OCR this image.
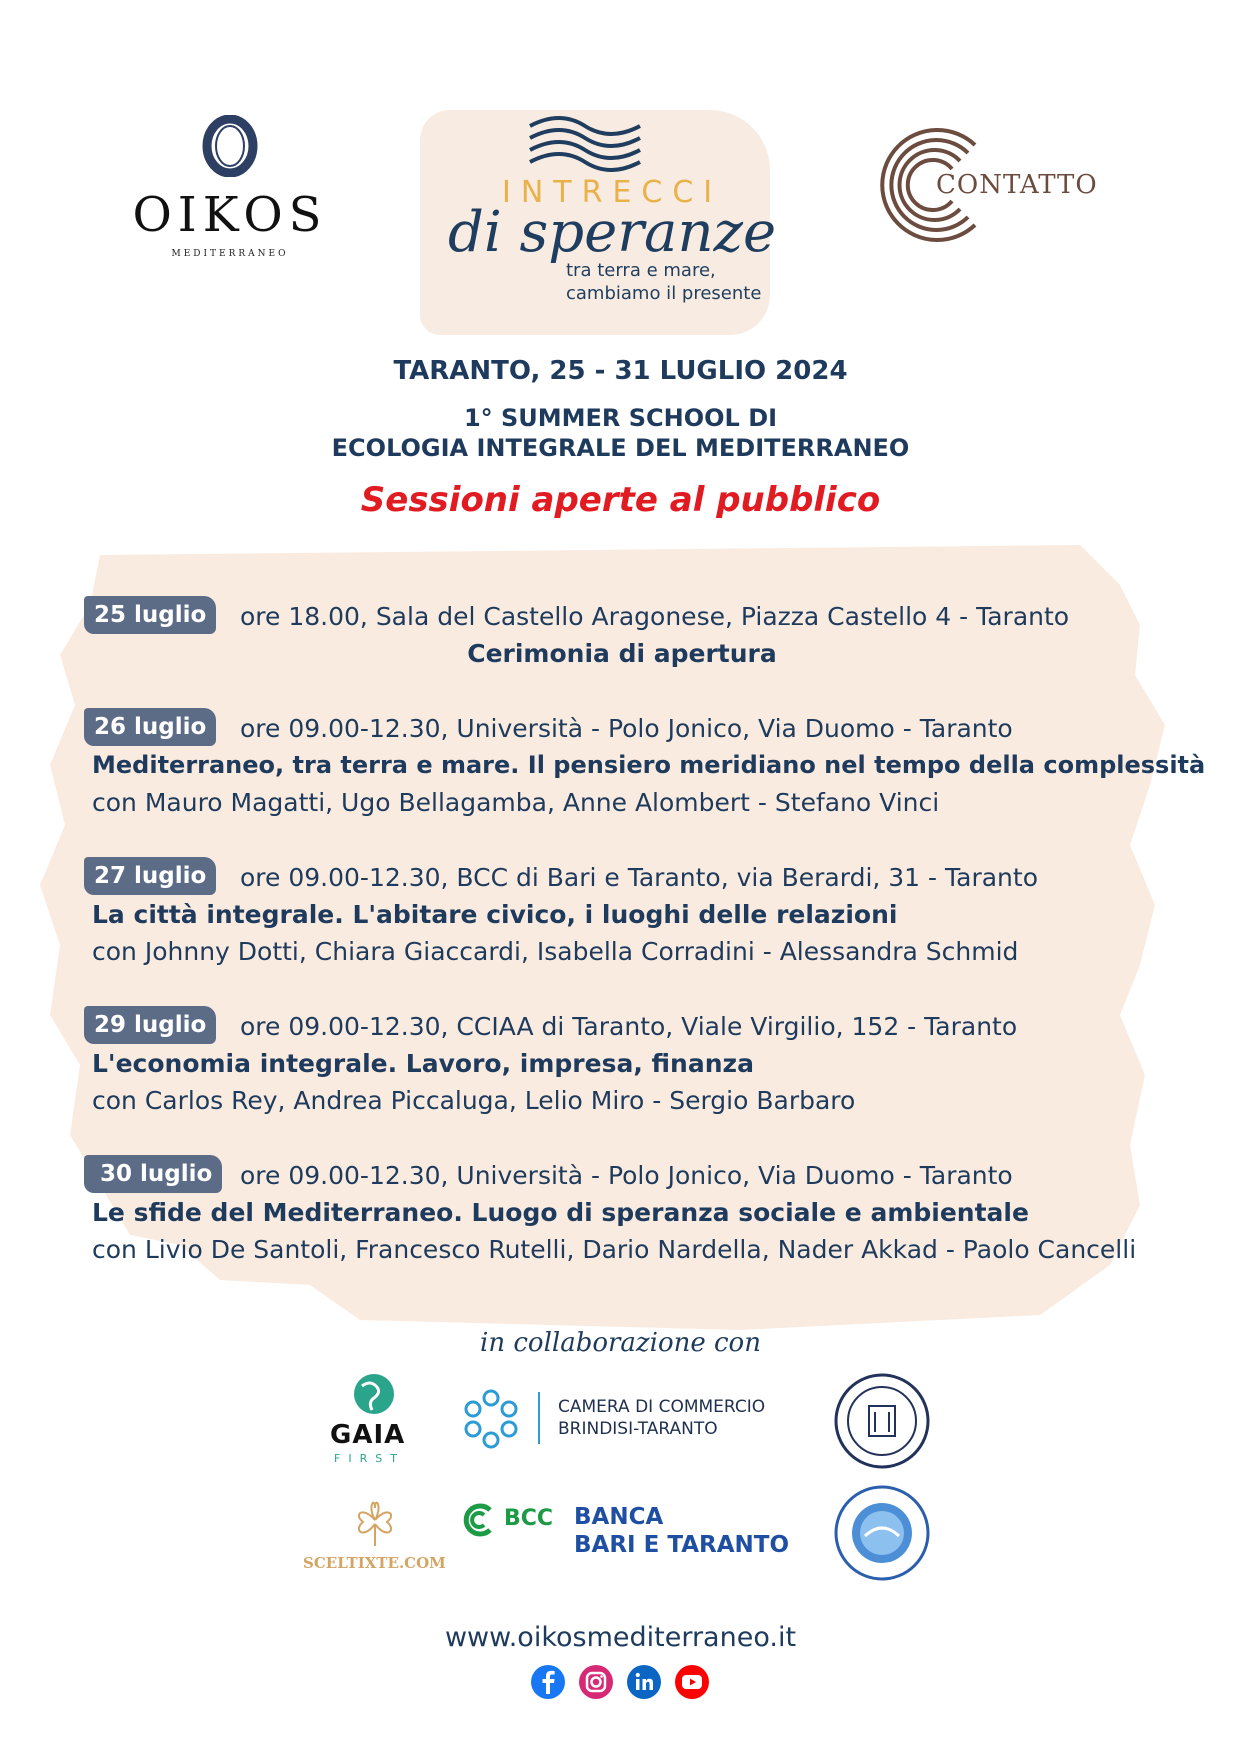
OIKOS
MEDITERRANEO
INTRECCI
di speranze
tra terra e mare,
cambiamo il presente
CONTATTO
TARANTO, 25 - 31 LUGLIO 2024
1° SUMMER SCHOOL DI
ECOLOGIA INTEGRALE DEL MEDITERRANEO
Sessioni aperte al pubblico
ore 18.00, Sala del Castello Aragonese, Piazza Castello 4 - Taranto
Cerimonia di apertura
25 luglio
ore 09.00-12.30, Università - Polo Jonico, Via Duomo - Taranto
Mediterraneo, tra terra e mare. Il pensiero meridiano nel tempo della complessità
con Mauro Magatti, Ugo Bellagamba, Anne Alombert - Stefano Vinci
26 luglio
ore 09.00-12.30, BCC di Bari e Taranto, via Berardi, 31 - Taranto
La città integrale. L'abitare civico, i luoghi delle relazioni
con Johnny Dotti, Chiara Giaccardi, Isabella Corradini - Alessandra Schmid
27 luglio
ore 09.00-12.30, CCIAA di Taranto, Viale Virgilio, 152 - Taranto
L'economia integrale. Lavoro, impresa, finanza
con Carlos Rey, Andrea Piccaluga, Lelio Miro - Sergio Barbaro
29 luglio
ore 09.00-12.30, Università - Polo Jonico, Via Duomo - Taranto
Le sfide del Mediterraneo. Luogo di speranza sociale e ambientale
con Livio De Santoli, Francesco Rutelli, Dario Nardella, Nader Akkad - Paolo Cancelli
30 luglio
in collaborazione con
GAIA
FIRST
CAMERA DI COMMERCIO
BRINDISI-TARANTO
SCELTIXTE.COM
BCC BANCA
BARI E TARANTO
www.oikosmediterraneo.it
